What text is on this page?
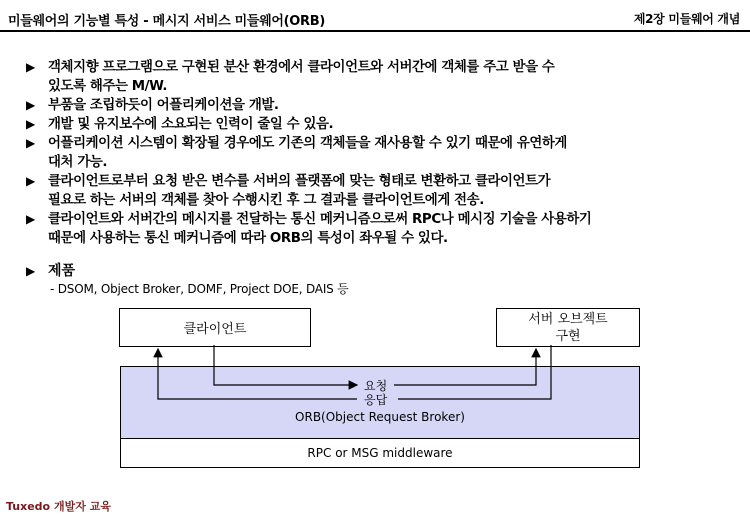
미들웨어의 기능별 특성 - 메시지 서비스 미들웨어(ORB)	제2장 미들웨어 개념
▶ 객체지향 프로그램으로 구현된 분산 환경에서 클라이언트와 서버간에 객체를 주고 받을 수
있도록 해주는 M/W.
▶ 부품을 조립하듯이 어플리케이션을 개발.
▶ 개발 및 유지보수에 소요되는 인력이 줄일 수 있음.
▶ 어플리케이션 시스템이 확장될 경우에도 기존의 객체들을 재사용할 수 있기 때문에 유연하게
대처 가능.
▶ 클라이언트로부터 요청 받은 변수를 서버의 플랫폼에 맞는 형태로 변환하고 클라이언트가
필요로 하는 서버의 객체를 찾아 수행시킨 후 그 결과를 클라이언트에게 전송.
▶ 클라이언트와 서버간의 메시지를 전달하는 통신 메커니즘으로써 RPC나 메시징 기술을 사용하기
때문에 사용하는 통신 메커니즘에 따라 ORB의 특성이 좌우될 수 있다.
▶ 제품
- DSOM, Object Broker, DOMF, Project DOE, DAIS 등
ORB(Object Request Broker)
RPC or MSG middleware
클라이언트
서버 오브젝트
구현
요청
응답
Tuxedo 개발자 교육
